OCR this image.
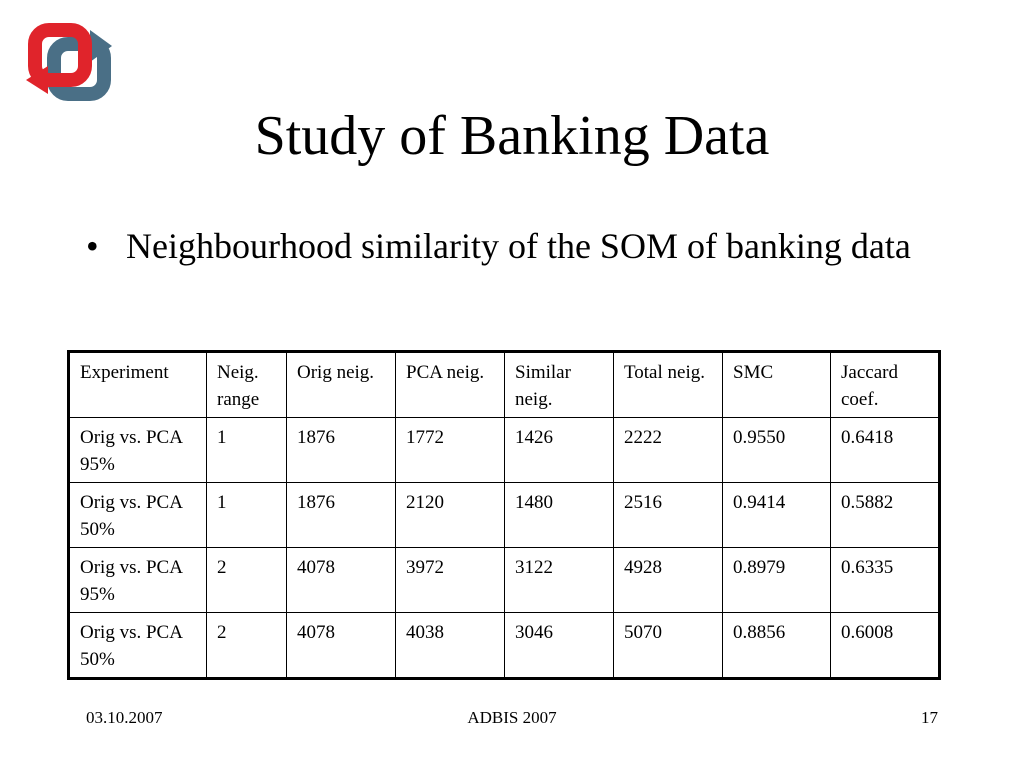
Study of Banking Data
• Neighbourhood similarity of the SOM of banking data
Experiment	Neig. range	Orig neig.	PCA neig.	Similar neig.	Total neig.	SMC	Jaccard coef.
Orig vs. PCA 95%	1	1876	1772	1426	2222	0.9550	0.6418
Orig vs. PCA 50%	1	1876	2120	1480	2516	0.9414	0.5882
Orig vs. PCA 95%	2	4078	3972	3122	4928	0.8979	0.6335
Orig vs. PCA 50%	2	4078	4038	3046	5070	0.8856	0.6008
03.10.2007	ADBIS 2007	17
